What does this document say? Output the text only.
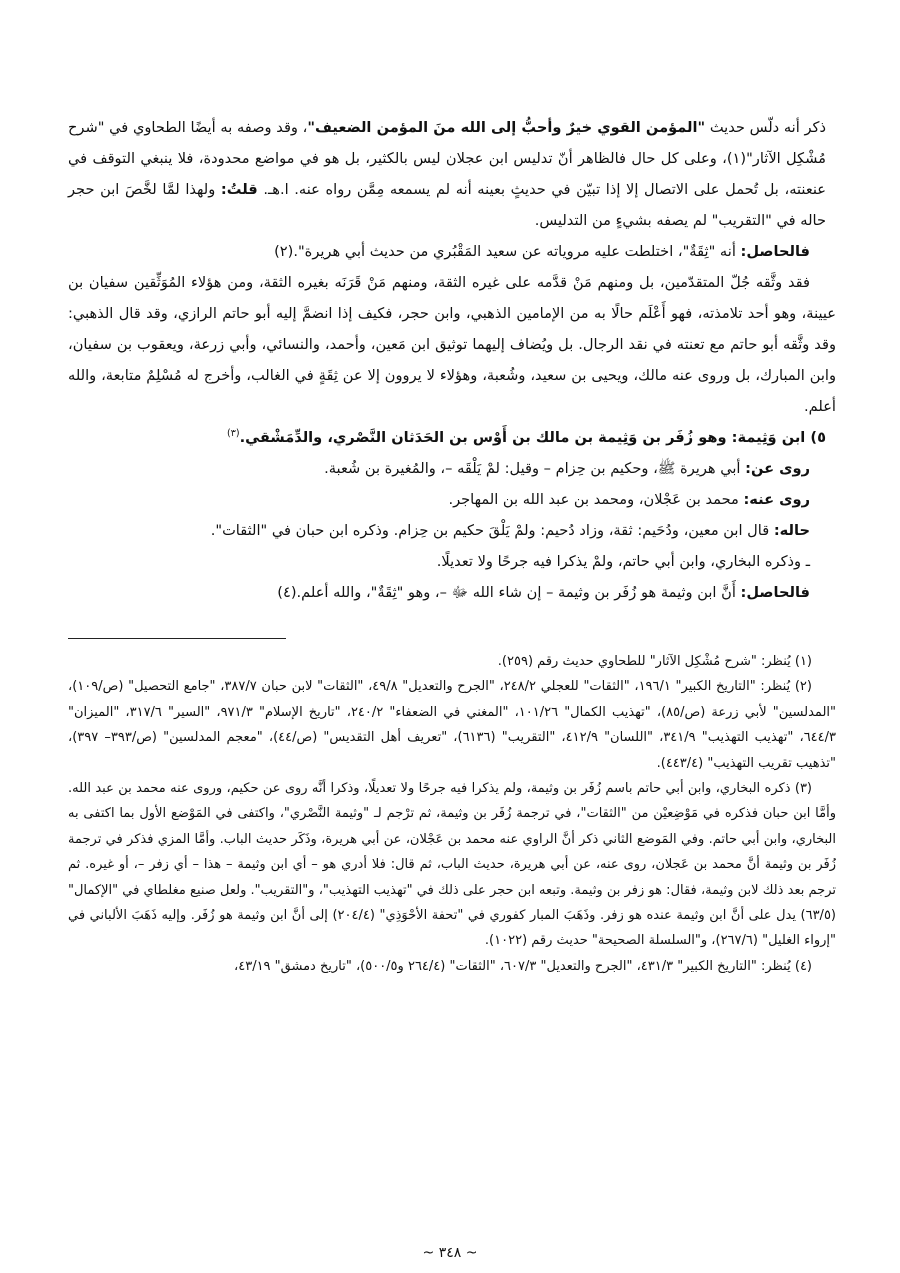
ذكر أنه دلّس حديث "المؤمن القوي خيرٌ وأحبُّ إلى الله منَ المؤمن الضعيف"، وقد وصفه به أيضًا الطحاوي في "شرح مُشْكِل الآثار"(١)، وعلى كل حال فالظاهر أنّ تدليس ابن عجلان ليس بالكثير، بل هو في مواضع محدودة، فلا ينبغي التوقف في عنعنته، بل تُحمل على الاتصال إلا إذا تبيّن في حديثٍ بعينه أنه لم يسمعه مِمَّن رواه عنه. ا.هـ. قلتُ: ولهذا لمَّا لخَّصَ ابن حجر حاله في "التقريب" لم يصفه بشيءٍ من التدليس.

فالحاصل: أنه "ثِقَةٌ"، اختلطت عليه مروياته عن سعيد المَقْبُري من حديث أبي هريرة".(٢)

فقد وثَّقه جُلّ المتقدّمين، بل ومنهم مَنْ قدَّمه على غيره الثقة، ومنهم مَنْ قَرَنَه بغيره الثقة، ومن هؤلاء المُوَثِّقين سفيان بن عيينة، وهو أحد تلامذته، فهو أَعْلَم حالًا به من الإمامين الذهبي، وابن حجر، فكيف إذا انضمَّ إليه أبو حاتم الرازي، وقد قال الذهبي: وقد وثَّقه أبو حاتم مع تعنته في نقد الرجال. بل ويُضاف إليهما توثيق ابن مَعين، وأحمد، والنسائي، وأبي زرعة، ويعقوب بن سفيان، وابن المبارك، بل وروى عنه مالك، ويحيى بن سعيد، وشُعبة، وهؤلاء لا يروون إلا عن ثِقَةٍ في الغالب، وأخرج له مُسْلِمٌ متابعة، والله أعلم.

٥) ابن وَثِيمة: وهو زُفَر بن وَثِيمة بن مالك بن أَوْس بن الحَدَثان النَّصْري، والدِّمَشْقي.$^{(٣)}$

روى عن: أبي هريرة ﷺ، وحكيم بن حِزام – وقيل: لمْ يَلْقَه –، والمُغيرة بن شُعبة.

روى عنه: محمد بن عَجْلان، ومحمد بن عبد الله بن المهاجر.

حاله: قال ابن معين، ودُحَيم: ثقة، وزاد دُحيم: ولمْ يَلْقَ حكيم بن حِزام. وذكره ابن حبان في "الثقات".

ـ وذكره البخاري، وابن أبي حاتم، ولمْ يذكرا فيه جرحًا ولا تعديلًا.

فالحاصل: أَنَّ ابن وثيمة هو زُفَر بن وثيمة – إن شاء الله ﷻ –، وهو "ثِقَةٌ"، والله أعلم.(٤)

(١) يُنظر: "شرح مُشْكِل الآثار" للطحاوي حديث رقم (٢٥٩).

(٢) يُنظر: "التاريخ الكبير" ١٩٦/١، "الثقات" للعجلي ٢٤٨/٢، "الجرح والتعديل" ٤٩/٨، "الثقات" لابن حبان ٣٨٧/٧، "جامع التحصيل" (ص/١٠٩)، "المدلسين" لأبي زرعة (ص/٨٥)، "تهذيب الكمال" ١٠١/٢٦، "المغني في الضعفاء" ٢٤٠/٢، "تاريخ الإسلام" ٩٧١/٣، "السير" ٣١٧/٦، "الميزان" ٦٤٤/٣، "تهذيب التهذيب" ٣٤١/٩، "اللسان" ٤١٢/٩، "التقريب" (٦١٣٦)، "تعريف أهل التقديس" (ص/٤٤)، "معجم المدلسين" (ص/٣٩٣– ٣٩٧)، "تذهيب تقريب التهذيب" (٤٤٣/٤).

(٣) ذكره البخاري، وابن أبي حاتم باسم زُفَر بن وثيمة، ولم يذكرا فيه جرحًا ولا تعديلًا، وذكرا أنَّه روى عن حكيم، وروى عنه محمد بن عبد الله. وأمَّا ابن حبان فذكره في مَوْضِعيْن من "الثقات"، في ترجمة زُفَر بن وثيمة، ثم ترْجم لـ "وثيمة النَّصْري"، واكتفى في المَوْضع الأول بما اكتفى به البخاري، وابن أبي حاتم. وفي المَوضع الثاني ذكر أنَّ الراوي عنه محمد بن عَجْلان، عن أبي هريرة، وذَكَر حديث الباب. وأمَّا المزي فذكر في ترجمة زُفَر بن وثيمة أنَّ محمد بن عَجلان، روى عنه، عن أبي هريرة، حديث الباب، ثم قال: فلا أدري هو – أي ابن وثيمة – هذا – أي زفر –، أو غيره. ثم ترجم بعد ذلك لابن وثيمة، فقال: هو زفر بن وثيمة. وتبعه ابن حجر على ذلك في "تهذيب التهذيب"، و"التقريب". ولعل صنيع مغلطاي في "الإكمال" (٦٣/٥) يدل على أنَّ ابن وثيمة عنده هو زفر. وذَهَبَ المبار كفوري في "تحفة الأحْوَذِي" (٢٠٤/٤) إلى أنَّ ابن وثيمة هو زُفَر. وإليه ذَهَبَ الألباني في "إرواء الغليل" (٢٦٧/٦)، و"السلسلة الصحيحة" حديث رقم (١٠٢٢).

(٤) يُنظر: "التاريخ الكبير" ٤٣١/٣، "الجرح والتعديل" ٦٠٧/٣، "الثقات" (٢٦٤/٤ و٥٠٠/٥)، "تاريخ دمشق" ٤٣/١٩،

~ ٣٤٨ ~
